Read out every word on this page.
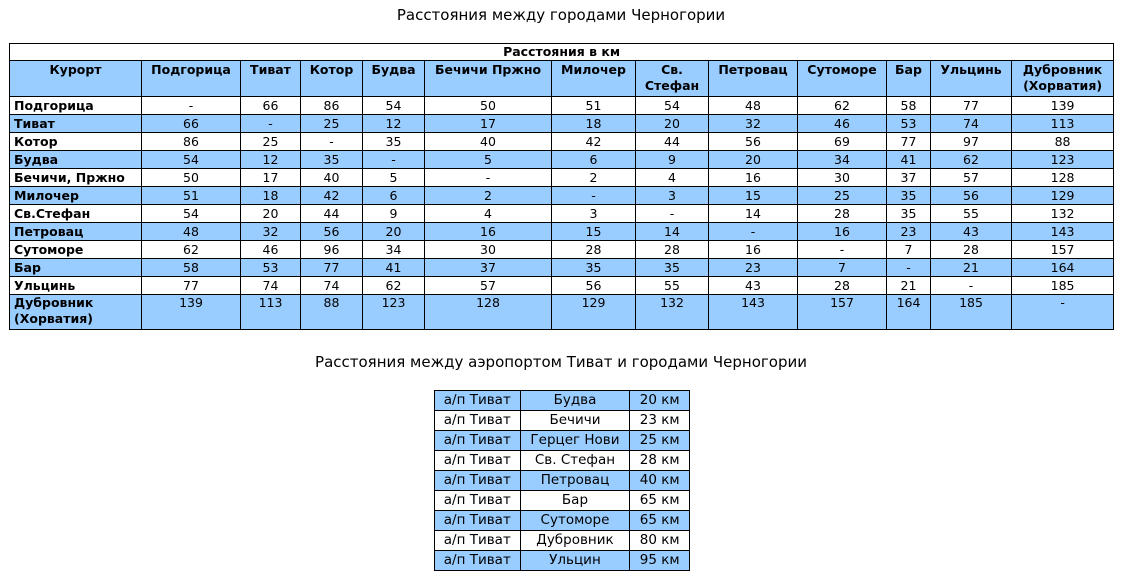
Расстояния между городами Черногории
Расстояния в км												
Курорт	Подгорица	Тиват	Котор	Будва	Бечичи Пржно	Милочер	Св. Стефан	Петровац	Сутоморе	Бар	Ульцинь	Дубровник (Хорватия)
Подгорица	-	66	86	54	50	51	54	48	62	58	77	139
Тиват	66	-	25	12	17	18	20	32	46	53	74	113
Котор	86	25	-	35	40	42	44	56	69	77	97	88
Будва	54	12	35	-	5	6	9	20	34	41	62	123
Бечичи, Пржно	50	17	40	5	-	2	4	16	30	37	57	128
Милочер	51	18	42	6	2	-	3	15	25	35	56	129
Св.Стефан	54	20	44	9	4	3	-	14	28	35	55	132
Петровац	48	32	56	20	16	15	14	-	16	23	43	143
Сутоморе	62	46	96	34	30	28	28	16	-	7	28	157
Бар	58	53	77	41	37	35	35	23	7	-	21	164
Ульцинь	77	74	74	62	57	56	55	43	28	21	-	185
Дубровник (Хорватия)	139	113	88	123	128	129	132	143	157	164	185	-
Расстояния между аэропортом Тиват и городами Черногории
а/п Тиват	Будва	20 км
а/п Тиват	Бечичи	23 км
а/п Тиват	Герцег Нови	25 км
а/п Тиват	Св. Стефан	28 км
а/п Тиват	Петровац	40 км
а/п Тиват	Бар	65 км
а/п Тиват	Сутоморе	65 км
а/п Тиват	Дубровник	80 км
а/п Тиват	Ульцин	95 км
